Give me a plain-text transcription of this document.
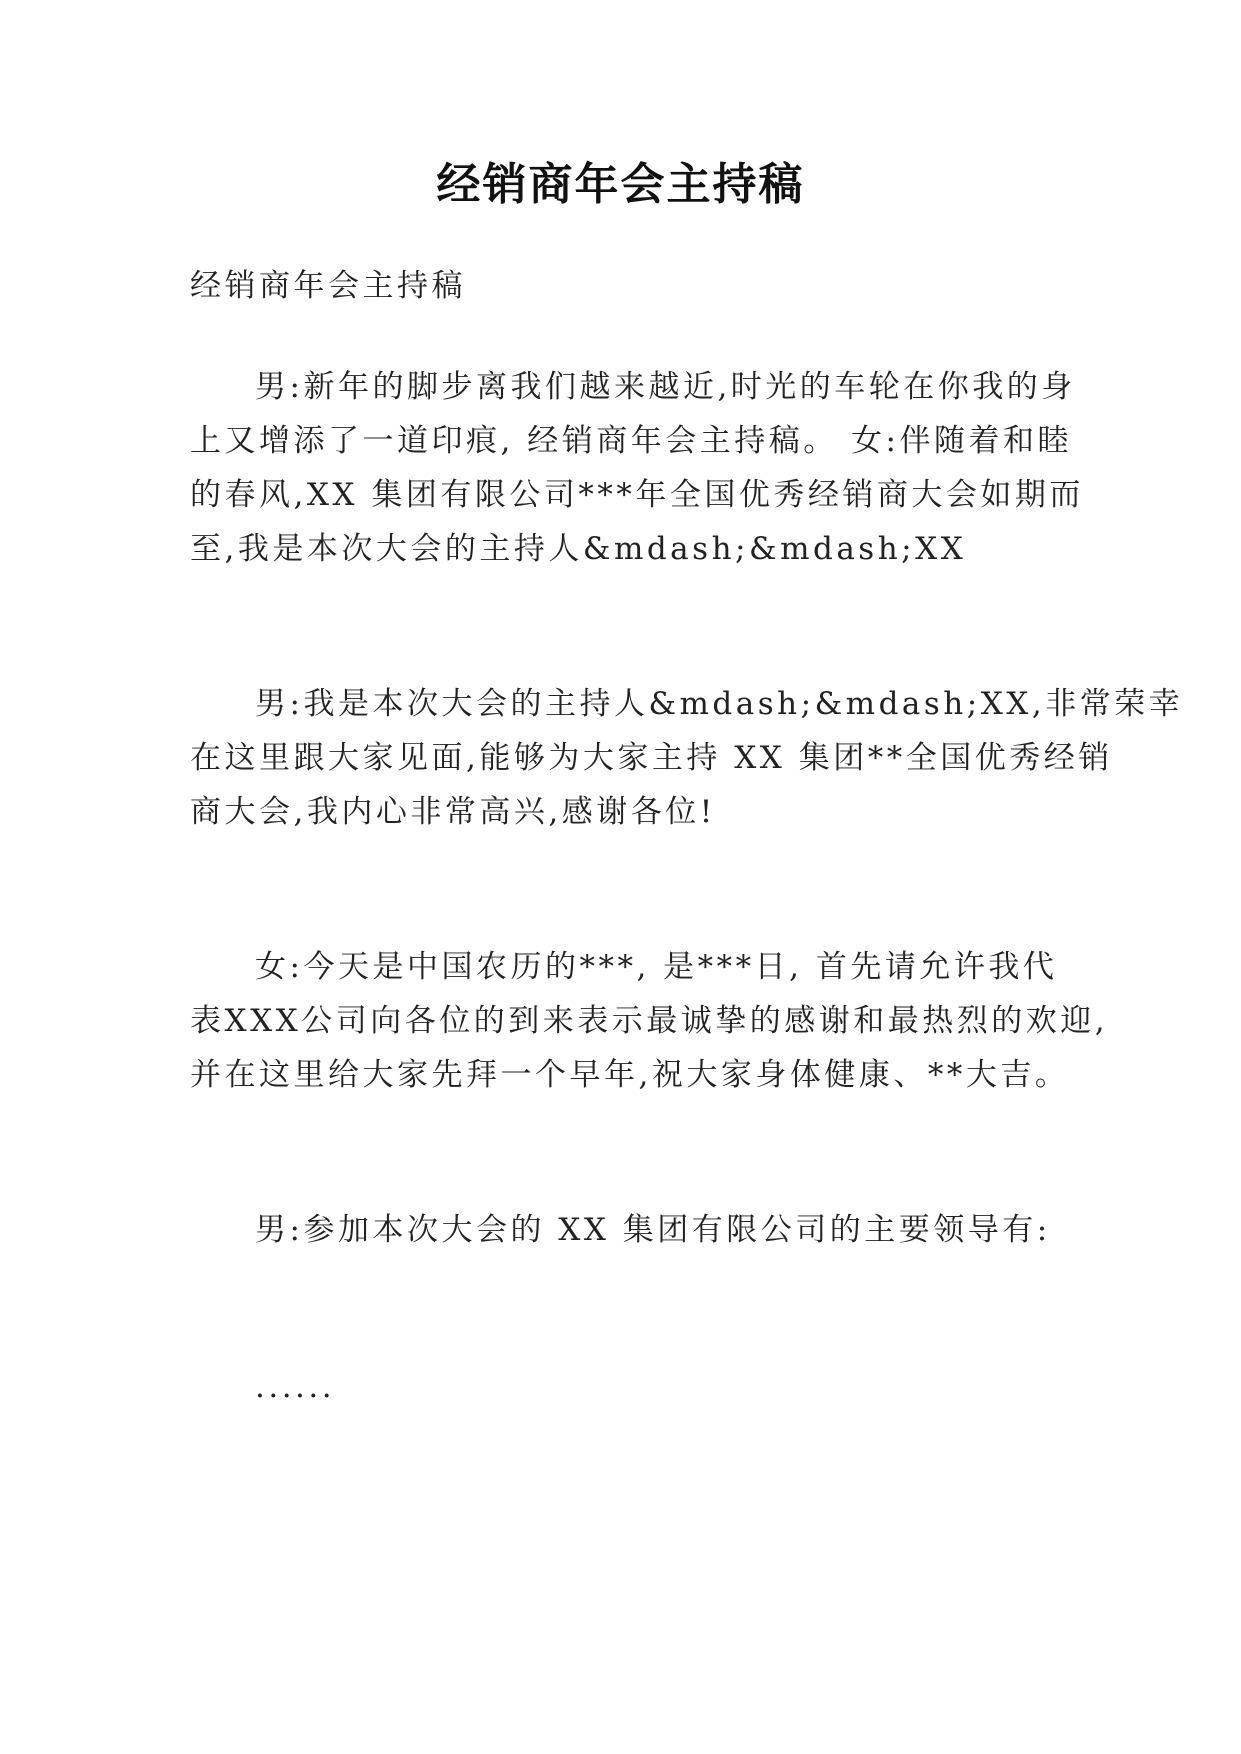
经销商年会主持稿
经销商年会主持稿
男:新年的脚步离我们越来越近,时光的车轮在你我的身
上又增添了一道印痕, 经销商年会主持稿。 女:伴随着和睦
的春风,XX 集团有限公司***年全国优秀经销商大会如期而
至,我是本次大会的主持人&mdash;&mdash;XX
男:我是本次大会的主持人&mdash;&mdash;XX,非常荣幸
在这里跟大家见面,能够为大家主持 XX 集团**全国优秀经销
商大会,我内心非常高兴,感谢各位!
女:今天是中国农历的***, 是***日, 首先请允许我代
表XXX公司向各位的到来表示最诚挚的感谢和最热烈的欢迎,
并在这里给大家先拜一个早年,祝大家身体健康、**大吉。
男:参加本次大会的 XX 集团有限公司的主要领导有:
......
